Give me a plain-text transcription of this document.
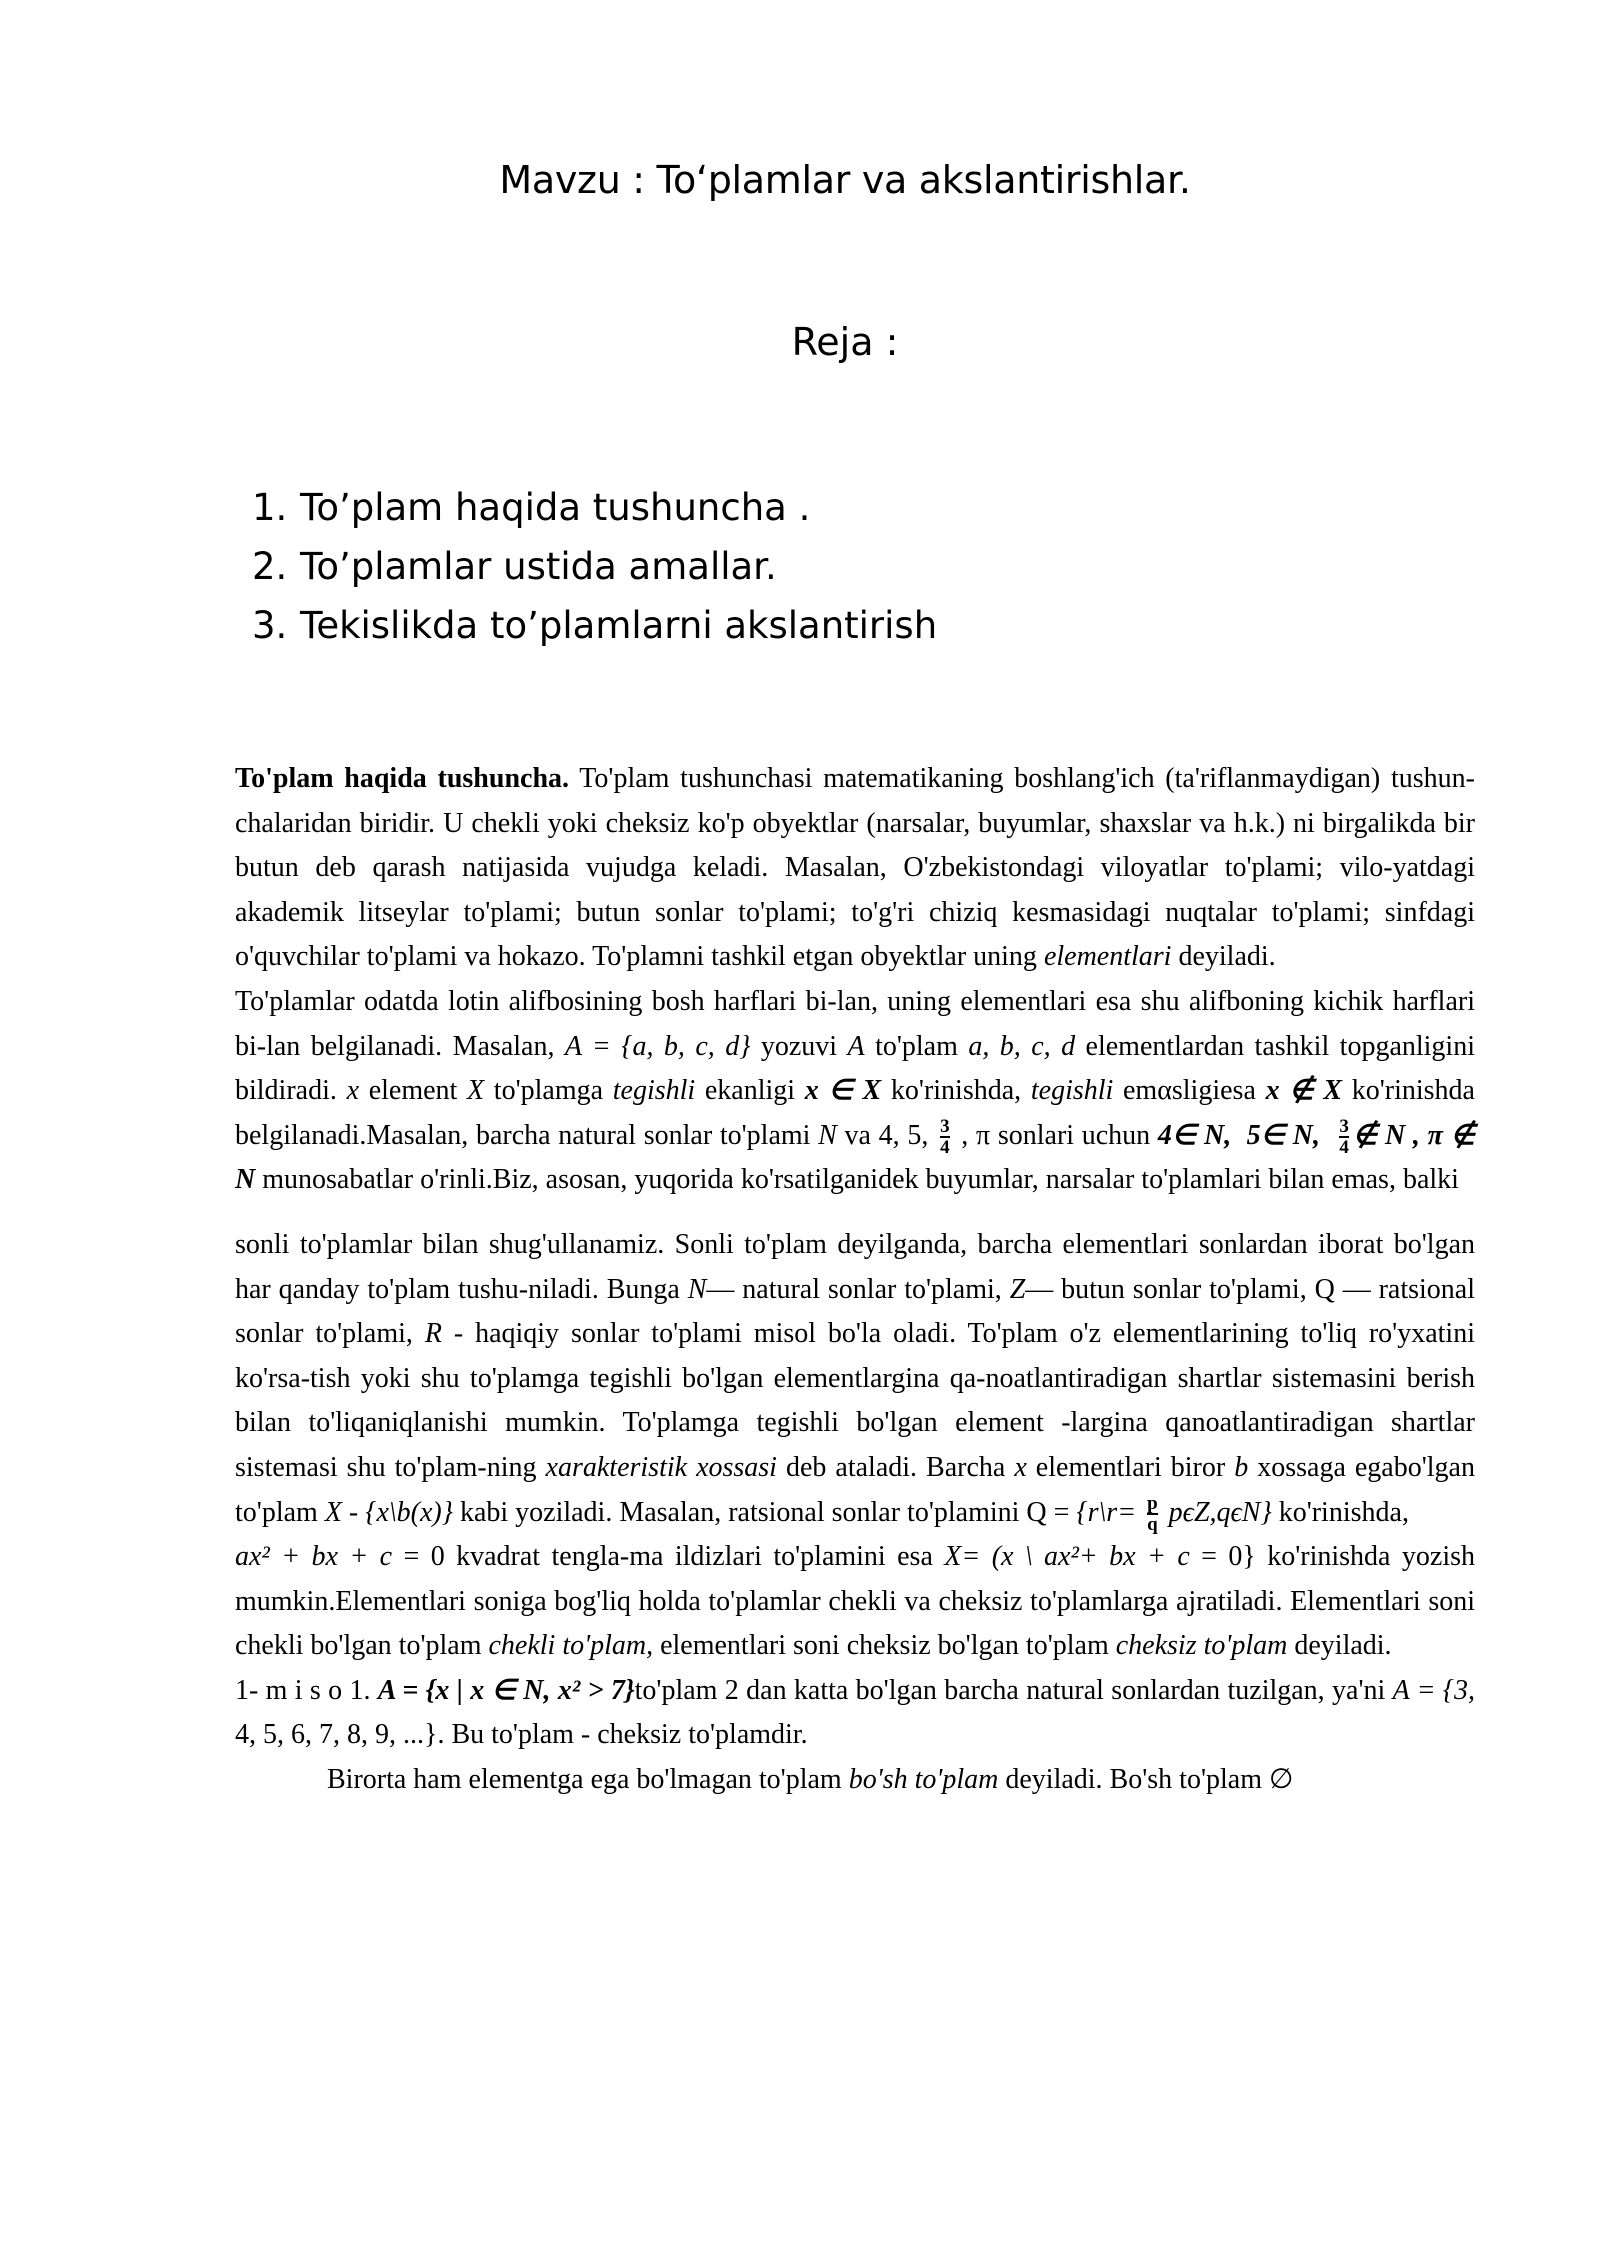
Mavzu : Toʻplamlar va akslantirishlar.
Reja :
1. To’plam haqida tushuncha .
2. To’plamlar ustida amallar.
3. Tekislikda to’plamlarni akslantirish

To'plam haqida tushuncha. To'plam tushunchasi matematikaning boshlang'ich (ta'riflanmaydigan) tushun-chalaridan biridir. U chekli yoki cheksiz ko'p obyektlar (narsalar, buyumlar, shaxslar va h.k.) ni birgalikda bir butun deb qarash natijasida vujudga keladi. Masalan, O'zbekistondagi viloyatlar to'plami; vilo-yatdagi akademik litseylar to'plami; butun sonlar to'plami; to'g'ri chiziq kesmasidagi nuqtalar to'plami; sinfdagi o'quvchilar to'plami va hokazo. To'plamni tashkil etgan obyektlar uning elementlari deyiladi.

To'plamlar odatda lotin alifbosining bosh harflari bi-lan, uning elementlari esa shu alifboning kichik harflari bi-lan belgilanadi. Masalan, A = {a, b, c, d} yozuvi A to'plam a, b, c, d elementlardan tashkil topganligini bildiradi. x element X to'plamga tegishli ekanligi x ∈ X ko'rinishda, tegishli emαsligiesa x ∉ X ko'rinishda belgilanadi.Masalan, barcha natural sonlar to'plami N va 4, 5, $\frac{3}{4}$ , π sonlari uchun 4∈ N, 5∈ N, $\frac{3}{4}$ ∉ N , π ∉ N munosabatlar o'rinli.Biz, asosan, yuqorida ko'rsatilganidek buyumlar, narsalar to'plamlari bilan emas, balki

sonli to'plamlar bilan shug'ullanamiz. Sonli to'plam deyilganda, barcha elementlari sonlardan iborat bo'lgan har qanday to'plam tushu-niladi. Bunga N— natural sonlar to'plami, Z— butun sonlar to'plami, Q — ratsional sonlar to'plami, R - haqiqiy sonlar to'plami misol bo'la oladi. To'plam o'z elementlarining to'liq ro'yxatini ko'rsa-tish yoki shu to'plamga tegishli bo'lgan elementlargina qa-noatlantiradigan shartlar sistemasini berish bilan to'liqaniqlanishi mumkin. To'plamga tegishli bo'lgan element -largina qanoatlantiradigan shartlar sistemasi shu to'plam-ning xarakteristik xossasi deb ataladi. Barcha x elementlari biror b xossaga egabo'lgan to'plam X - {x\b(x)} kabi yoziladi. Masalan, ratsional sonlar to'plamini Q = {r\r= $\frac{p}{q} p\epsilon Z,q\epsilon N$} ko'rinishda,

ax² + bx + c = 0 kvadrat tengla-ma ildizlari to'plamini esa X= (x \ ax²+ bx + c = 0} ko'rinishda yozish mumkin.Elementlari soniga bog'liq holda to'plamlar chekli va cheksiz to'plamlarga ajratiladi. Elementlari soni chekli bo'lgan to'plam chekli to'plam, elementlari soni cheksiz bo'lgan to'plam cheksiz to'plam deyiladi.

1- m i s o 1. A = {x | x ∈ N, x² > 7}to'plam 2 dan katta bo'lgan barcha natural sonlardan tuzilgan, ya'ni A = {3, 4, 5, 6, 7, 8, 9, ...}. Bu to'plam - cheksiz to'plamdir.

Birorta ham elementga ega bo'lmagan to'plam bo'sh to'plam deyiladi. Bo'sh to'plam ∅
